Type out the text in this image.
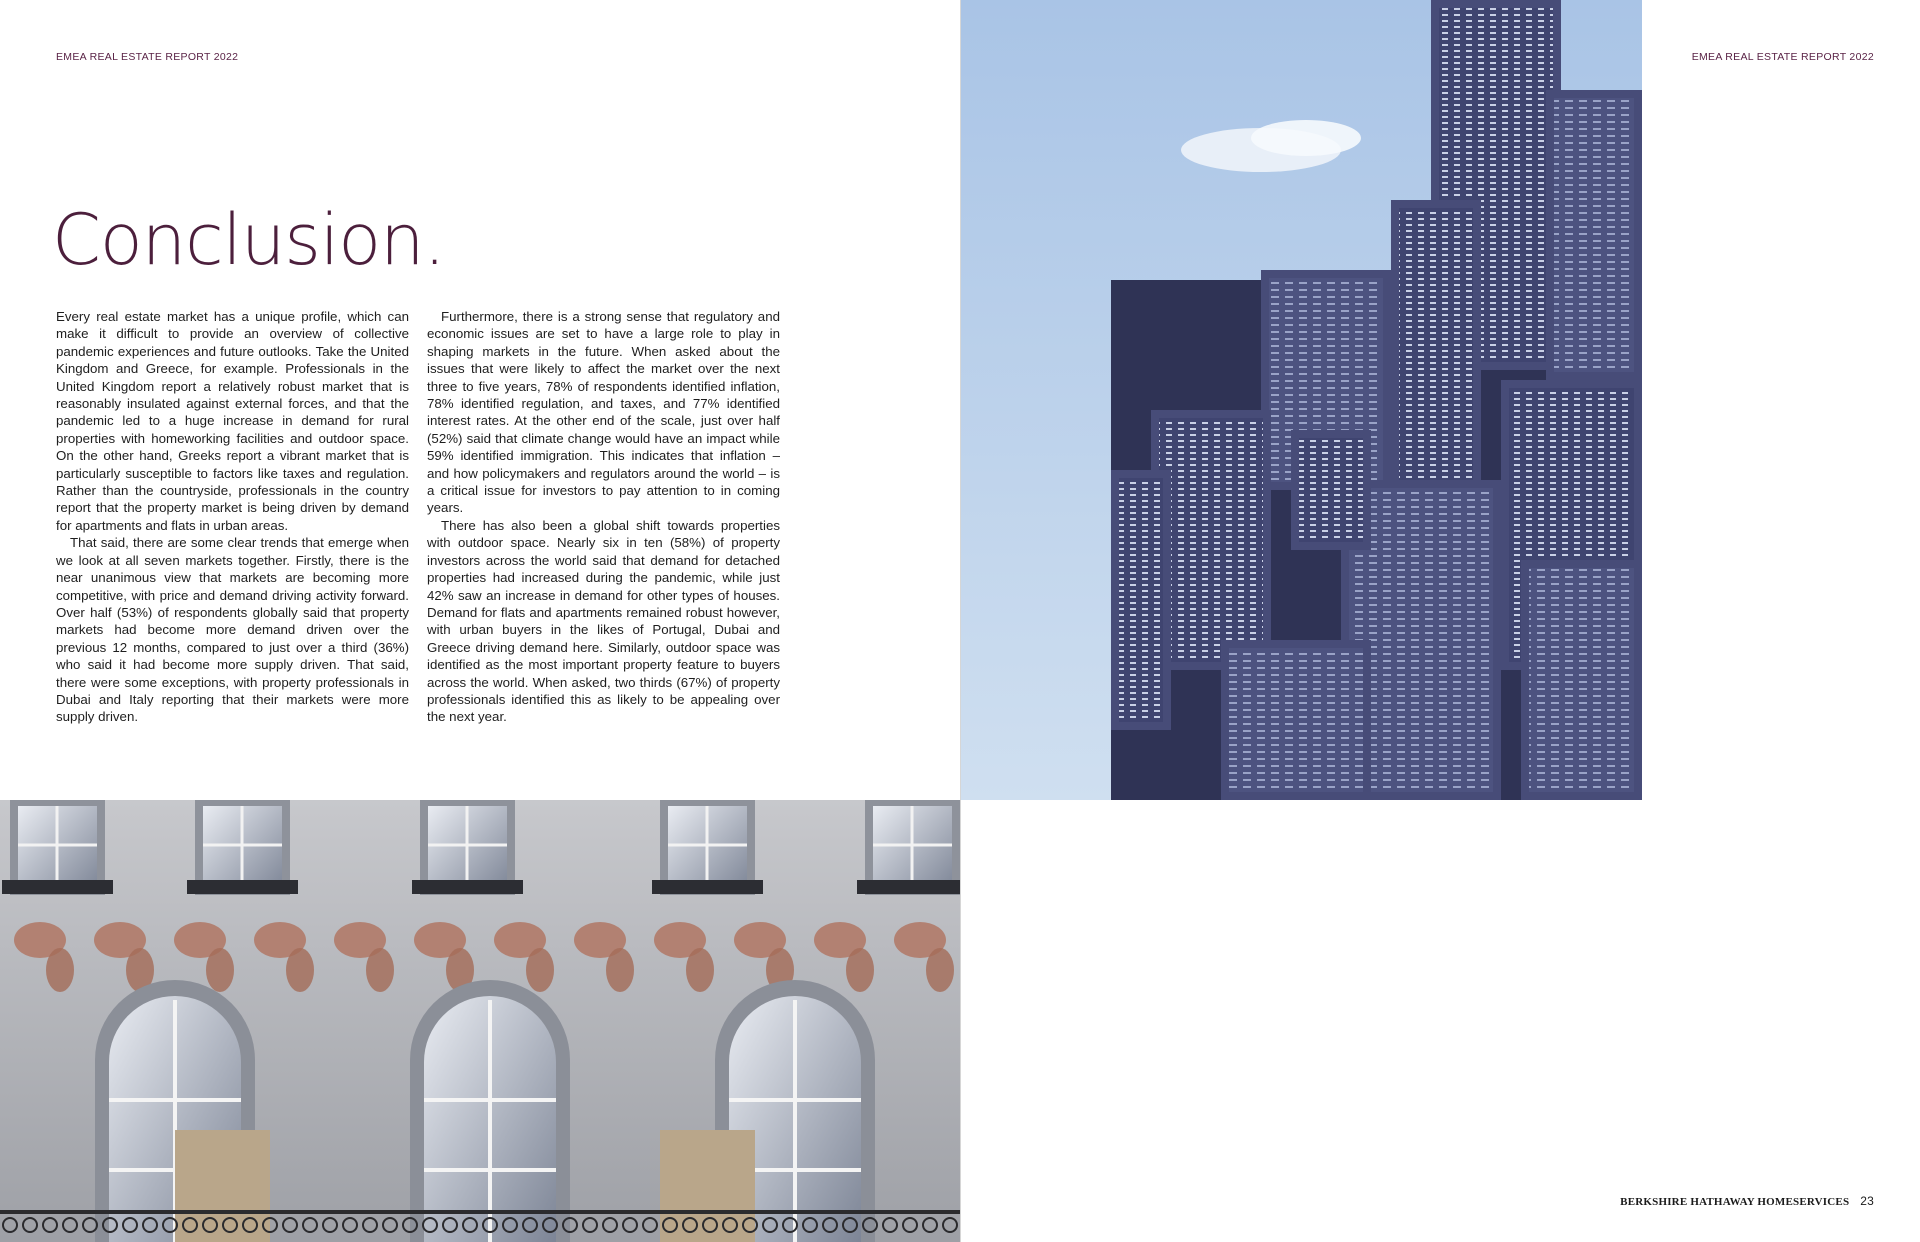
EMEA REAL ESTATE REPORT 2022
Conclusion.

Every real estate market has a unique profile, which can make it difficult to provide an overview of collective pandemic experiences and future outlooks. Take the United Kingdom and Greece, for example. Professionals in the United Kingdom report a relatively robust market that is reasonably insulated against external forces, and that the pandemic led to a huge increase in demand for rural properties with homeworking facilities and outdoor space. On the other hand, Greeks report a vibrant market that is particularly susceptible to factors like taxes and regulation. Rather than the countryside, professionals in the country report that the property market is being driven by demand for apartments and flats in urban areas.

That said, there are some clear trends that emerge when we look at all seven markets together. Firstly, there is the near unanimous view that markets are becoming more competitive, with price and demand driving activity forward. Over half (53%) of respondents globally said that property markets had become more demand driven over the previous 12 months, compared to just over a third (36%) who said it had become more supply driven. That said, there were some exceptions, with property professionals in Dubai and Italy reporting that their markets were more supply driven.

Furthermore, there is a strong sense that regulatory and economic issues are set to have a large role to play in shaping markets in the future. When asked about the issues that were likely to affect the market over the next three to five years, 78% of respondents identified inflation, 78% identified regulation, and taxes, and 77% identified interest rates. At the other end of the scale, just over half (52%) said that climate change would have an impact while 59% identified immigration. This indicates that inflation – and how policymakers and regulators around the world – is a critical issue for investors to pay attention to in coming years.

There has also been a global shift towards properties with outdoor space. Nearly six in ten (58%) of property investors across the world said that demand for detached properties had increased during the pandemic, while just 42% saw an increase in demand for other types of houses. Demand for flats and apartments remained robust however, with urban buyers in the likes of Portugal, Dubai and Greece driving demand here. Similarly, outdoor space was identified as the most important property feature to buyers across the world. When asked, two thirds (67%) of property professionals identified this as likely to be appealing over the next year.

EMEA REAL ESTATE REPORT 2022
BERKSHIRE HATHAWAY HOMESERVICES 23
